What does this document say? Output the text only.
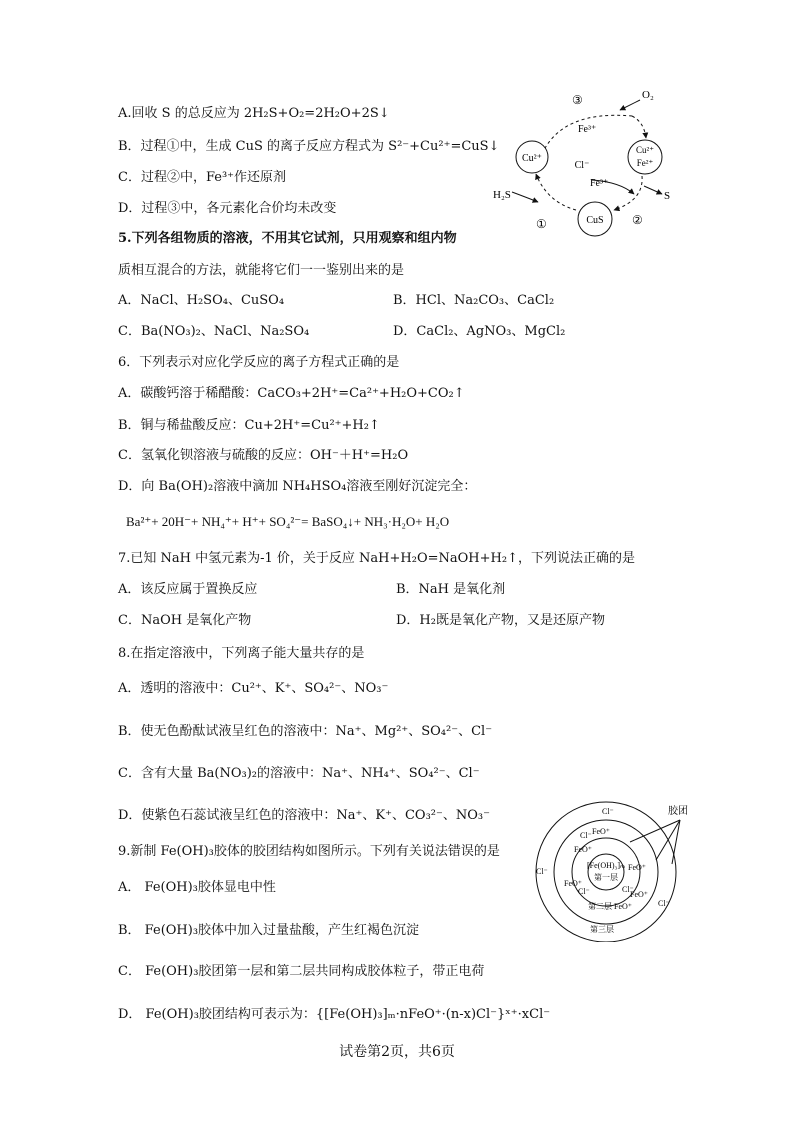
A.回收 S 的总反应为 2H₂S+O₂=2H₂O+2S↓
B．过程①中，生成 CuS 的离子反应方程式为 S²⁻+Cu²⁺=CuS↓
C．过程②中，Fe³⁺作还原剂
D．过程③中，各元素化合价均未改变
Cu²⁺
Cl⁻
CuS
Cu²⁺
Fe²⁺
Fe³⁺
Fe³⁺
O₂
H₂S	S
③
①	②
5.下列各组物质的溶液，不用其它试剂，只用观察和组内物
质相互混合的方法，就能将它们一一鉴别出来的是
A．NaCl、H₂SO₄、CuSO₄	B．HCl、Na₂CO₃、CaCl₂
C．Ba(NO₃)₂、NaCl、Na₂SO₄	D．CaCl₂、AgNO₃、MgCl₂
6．下列表示对应化学反应的离子方程式正确的是
A．碳酸钙溶于稀醋酸：CaCO₃+2H⁺=Ca²⁺+H₂O+CO₂↑
B．铜与稀盐酸反应：Cu+2H⁺=Cu²⁺+H₂↑
C．氢氧化钡溶液与硫酸的反应：OH⁻＋H⁺=H₂O
D．向 Ba(OH)₂溶液中滴加 NH₄HSO₄溶液至刚好沉淀完全：
Ba²⁺+ 20H⁻+ NH₄⁺+ H⁺+ SO₄²⁻= BaSO₄↓+ NH₃·H₂O+ H₂O
7.已知 NaH 中氢元素为-1 价，关于反应 NaH+H₂O=NaOH+H₂↑，下列说法正确的是
A．该反应属于置换反应	B．NaH 是氧化剂
C．NaOH 是氧化产物	D．H₂既是氧化产物，又是还原产物
8.在指定溶液中，下列离子能大量共存的是
A．透明的溶液中：Cu²⁺、K⁺、SO₄²⁻、NO₃⁻
B．使无色酚酞试液呈红色的溶液中：Na⁺、Mg²⁺、SO₄²⁻、Cl⁻
C．含有大量 Ba(NO₃)₂的溶液中：Na⁺、NH₄⁺、SO₄²⁻、Cl⁻
D．使紫色石蕊试液呈红色的溶液中：Na⁺、K⁺、CO₃²⁻、NO₃⁻
9.新制 Fe(OH)₃胶体的胶团结构如图所示。下列有关说法错误的是
A． Fe(OH)₃胶体显电中性
B． Fe(OH)₃胶体中加入过量盐酸，产生红褐色沉淀
C． Fe(OH)₃胶团第一层和第二层共同构成胶体粒子，带正电荷
D． Fe(OH)₃胶团结构可表示为：{[Fe(OH)₃]ₘ·nFeO⁺·(n-x)Cl⁻}ˣ⁺·xCl⁻
胶团
[Fe(OH)₃]ₘ
第一层
第二层
第三层
FeO⁺
FeO⁺
FeO⁺
FeO⁺
FeO⁺
FeO⁺
Cl⁻
Cl⁻
Cl⁻
Cl⁻
Cl⁻
Cl⁻
试卷第2页，共6页
